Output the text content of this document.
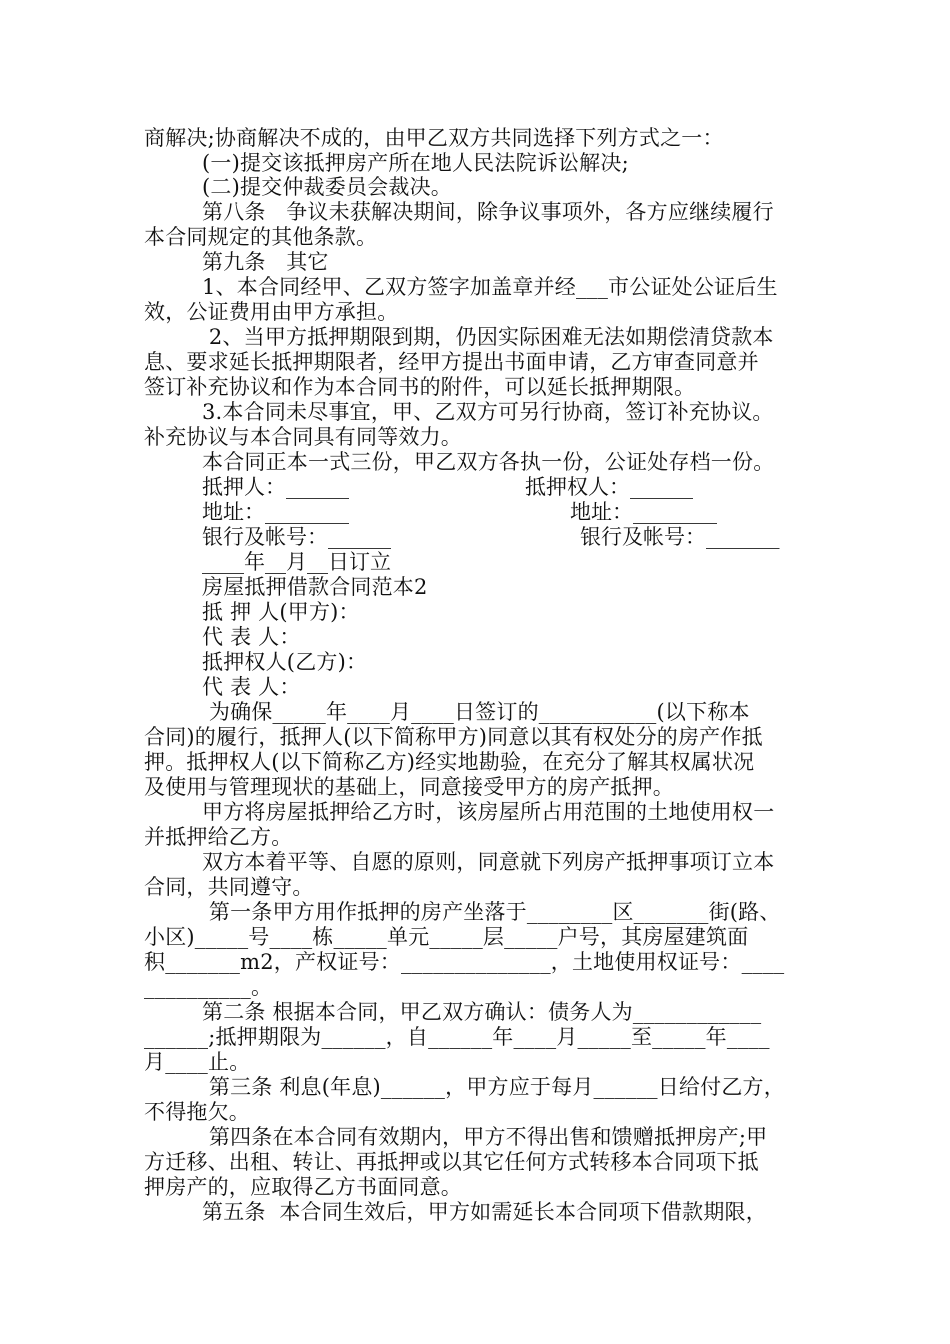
商解决;协商解决不成的，由甲乙双方共同选择下列方式之一：
(一)提交该抵押房产所在地人民法院诉讼解决;
(二)提交仲裁委员会裁决。
第八条   争议未获解决期间，除争议事项外，各方应继续履行
本合同规定的其他条款。
第九条   其它
1、本合同经甲、乙双方签字加盖章并经___市公证处公证后生
效，公证费用由甲方承担。
2、当甲方抵押期限到期，仍因实际困难无法如期偿清贷款本
息、要求延长抵押期限者，经甲方提出书面申请，乙方审查同意并
签订补充协议和作为本合同书的附件，可以延长抵押期限。
3.本合同未尽事宜，甲、乙双方可另行协商，签订补充协议。
补充协议与本合同具有同等效力。
本合同正本一式三份，甲乙双方各执一份，公证处存档一份。
抵押人：______	抵押权人：______
地址：________	地址：________
银行及帐号：______	银行及帐号：_______
____年__月__日订立
房屋抵押借款合同范本2
抵 押 人(甲方)：
代 表 人：
抵押权人(乙方)：
代 表 人：
为确保_____年____月____日签订的___________(以下称本
合同)的履行，抵押人(以下简称甲方)同意以其有权处分的房产作抵
押。抵押权人(以下简称乙方)经实地勘验，在充分了解其权属状况
及使用与管理现状的基础上，同意接受甲方的房产抵押。
甲方将房屋抵押给乙方时，该房屋所占用范围的土地使用权一
并抵押给乙方。
双方本着平等、自愿的原则，同意就下列房产抵押事项订立本
合同，共同遵守。
第一条甲方用作抵押的房产坐落于________区_______街(路、
小区)_____号____栋_____单元_____层_____户号，其房屋建筑面
积_______m2，产权证号：______________，土地使用权证号：____
__________。
第二条 根据本合同，甲乙双方确认：债务人为____________
______;抵押期限为______，自______年____月_____至_____年____
月____止。
第三条 利息(年息)______，甲方应于每月______日给付乙方，
不得拖欠。
第四条在本合同有效期内，甲方不得出售和馈赠抵押房产;甲
方迁移、出租、转让、再抵押或以其它任何方式转移本合同项下抵
押房产的，应取得乙方书面同意。
第五条  本合同生效后，甲方如需延长本合同项下借款期限，
